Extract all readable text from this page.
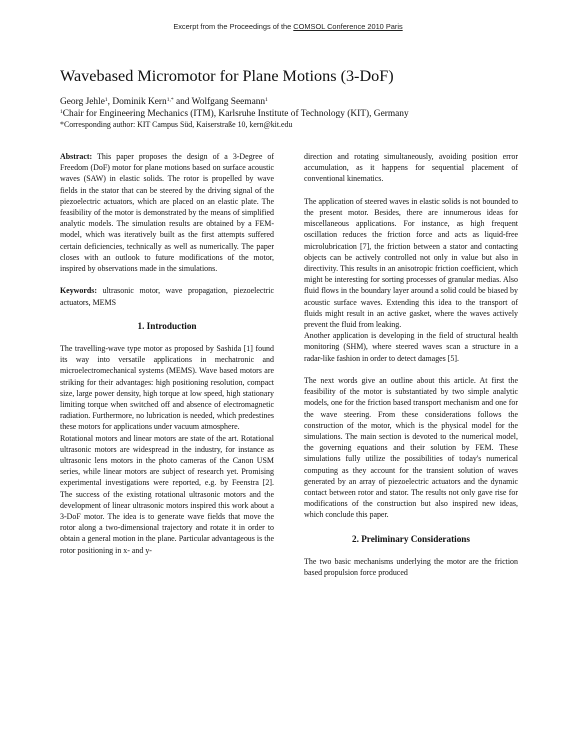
Excerpt from the Proceedings of the COMSOL Conference 2010 Paris
Wavebased Micromotor for Plane Motions (3-DoF)
Georg Jehle$^1$, Dominik Kern$^{1,*}$ and Wolfgang Seemann$^1$
$^1$Chair for Engineering Mechanics (ITM), Karlsruhe Institute of Technology (KIT), Germany
*Corresponding author: KIT Campus Süd, Kaiserstraße 10, kern@kit.edu

Abstract: This paper proposes the design of a 3-Degree of Freedom (DoF) motor for plane motions based on surface acoustic waves (SAW) in elastic solids. The rotor is propelled by wave fields in the stator that can be steered by the driving signal of the piezoelectric actuators, which are placed on an elastic plate. The feasibility of the motor is demonstrated by the means of simplified analytic models. The simulation results are obtained by a FEM-model, which was iteratively built as the first attempts suffered certain deficiencies, technically as well as numerically. The paper closes with an outlook to future modifications of the motor, inspired by observations made in the simulations.

Keywords: ultrasonic motor, wave propagation, piezoelectric actuators, MEMS

1. Introduction

The travelling-wave type motor as proposed by Sashida [1] found its way into versatile applications in mechatronic and microelectromechanical systems (MEMS). Wave based motors are striking for their advantages: high positioning resolution, compact size, large power density, high torque at low speed, high stationary limiting torque when switched off and absence of electromagnetic radiation. Furthermore, no lubrication is needed, which predestines these motors for applications under vacuum atmosphere.

Rotational motors and linear motors are state of the art. Rotational ultrasonic motors are widespread in the industry, for instance as ultrasonic lens motors in the photo cameras of the Canon USM series, while linear motors are subject of research yet. Promising experimental investigations were reported, e.g. by Feenstra [2]. The success of the existing rotational ultrasonic motors and the development of linear ultrasonic motors inspired this work about a 3-DoF motor. The idea is to generate wave fields that move the rotor along a two-dimensional trajectory and rotate it in order to obtain a general motion in the plane. Particular advantageous is the rotor positioning in x- and y-

direction and rotating simultaneously, avoiding position error accumulation, as it happens for sequential placement of conventional kinematics.

The application of steered waves in elastic solids is not bounded to the present motor. Besides, there are innumerous ideas for miscellaneous applications. For instance, as high frequent oscillation reduces the friction force and acts as liquid-free microlubrication [7], the friction between a stator and contacting objects can be actively controlled not only in value but also in directivity. This results in an anisotropic friction coefficient, which might be interesting for sorting processes of granular medias. Also fluid flows in the boundary layer around a solid could be biased by acoustic surface waves. Extending this idea to the transport of fluids might result in an active gasket, where the waves actively prevent the fluid from leaking.

Another application is developing in the field of structural health monitoring (SHM), where steered waves scan a structure in a radar-like fashion in order to detect damages [5].

The next words give an outline about this article. At first the feasibility of the motor is substantiated by two simple analytic models, one for the friction based transport mechanism and one for the wave steering. From these considerations follows the construction of the motor, which is the physical model for the simulations. The main section is devoted to the numerical model, the governing equations and their solution by FEM. These simulations fully utilize the possibilities of today's numerical computing as they account for the transient solution of waves generated by an array of piezoelectric actuators and the dynamic contact between rotor and stator. The results not only gave rise for modifications of the construction but also inspired new ideas, which conclude this paper.

2. Preliminary Considerations

The two basic mechanisms underlying the motor are the friction based propulsion force produced
